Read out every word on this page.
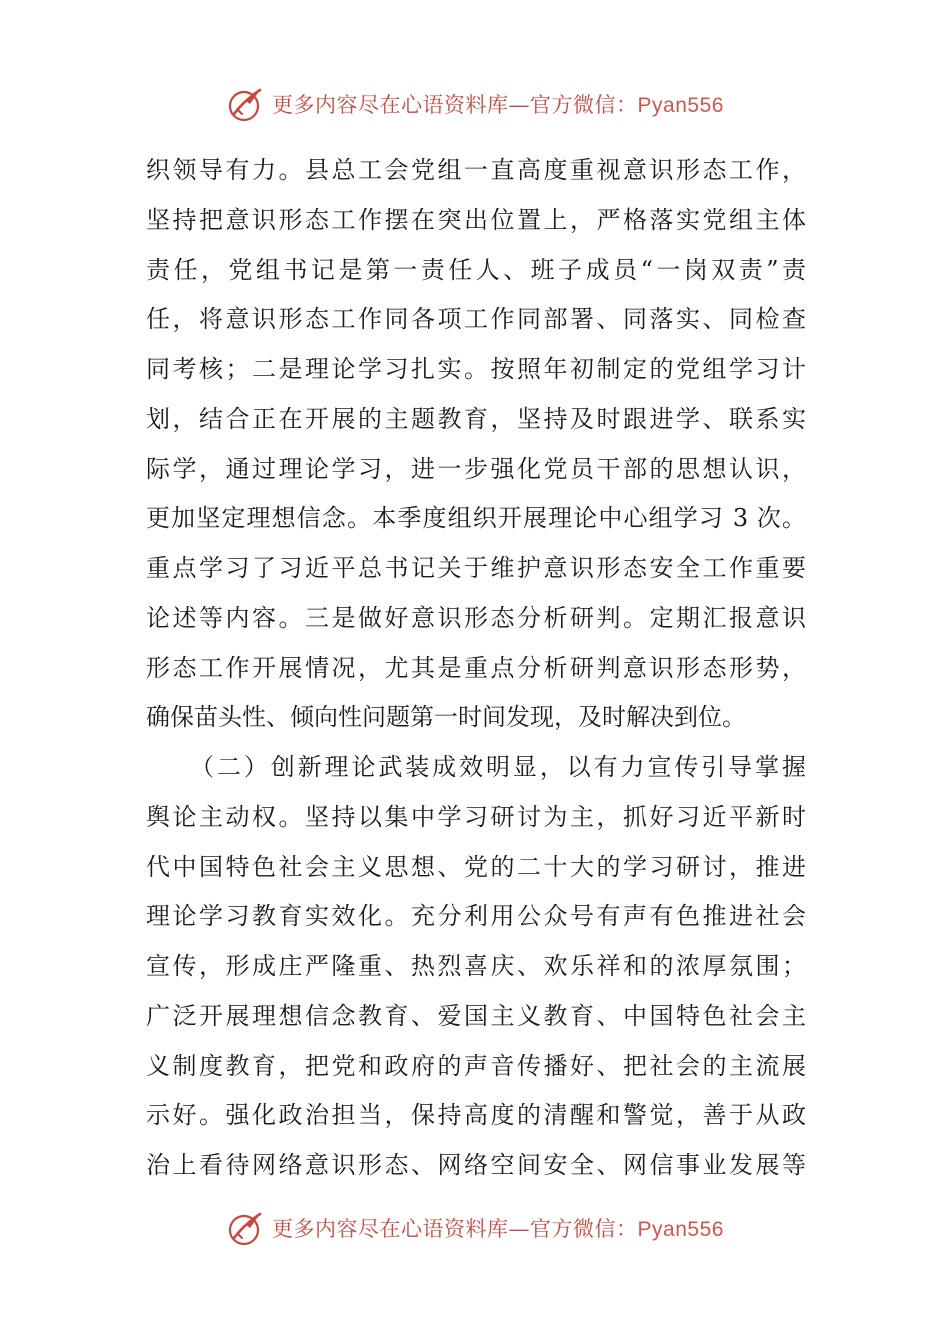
更多内容尽在心语资料库—官方微信：Pyan556
织领导有力。县总工会党组一直高度重视意识形态工作，
坚持把意识形态工作摆在突出位置上，严格落实党组主体
责任，党组书记是第一责任人、班子成员“一岗双责”责
任，将意识形态工作同各项工作同部署、同落实、同检查
同考核；二是理论学习扎实。按照年初制定的党组学习计
划，结合正在开展的主题教育，坚持及时跟进学、联系实
际学，通过理论学习，进一步强化党员干部的思想认识，
更加坚定理想信念。本季度组织开展理论中心组学习 3 次。
重点学习了习近平总书记关于维护意识形态安全工作重要
论述等内容。三是做好意识形态分析研判。定期汇报意识
形态工作开展情况，尤其是重点分析研判意识形态形势，
确保苗头性、倾向性问题第一时间发现，及时解决到位。
（二）创新理论武装成效明显，以有力宣传引导掌握
舆论主动权。坚持以集中学习研讨为主，抓好习近平新时
代中国特色社会主义思想、党的二十大的学习研讨，推进
理论学习教育实效化。充分利用公众号有声有色推进社会
宣传，形成庄严隆重、热烈喜庆、欢乐祥和的浓厚氛围；
广泛开展理想信念教育、爱国主义教育、中国特色社会主
义制度教育，把党和政府的声音传播好、把社会的主流展
示好。强化政治担当，保持高度的清醒和警觉，善于从政
治上看待网络意识形态、网络空间安全、网信事业发展等
更多内容尽在心语资料库—官方微信：Pyan556
